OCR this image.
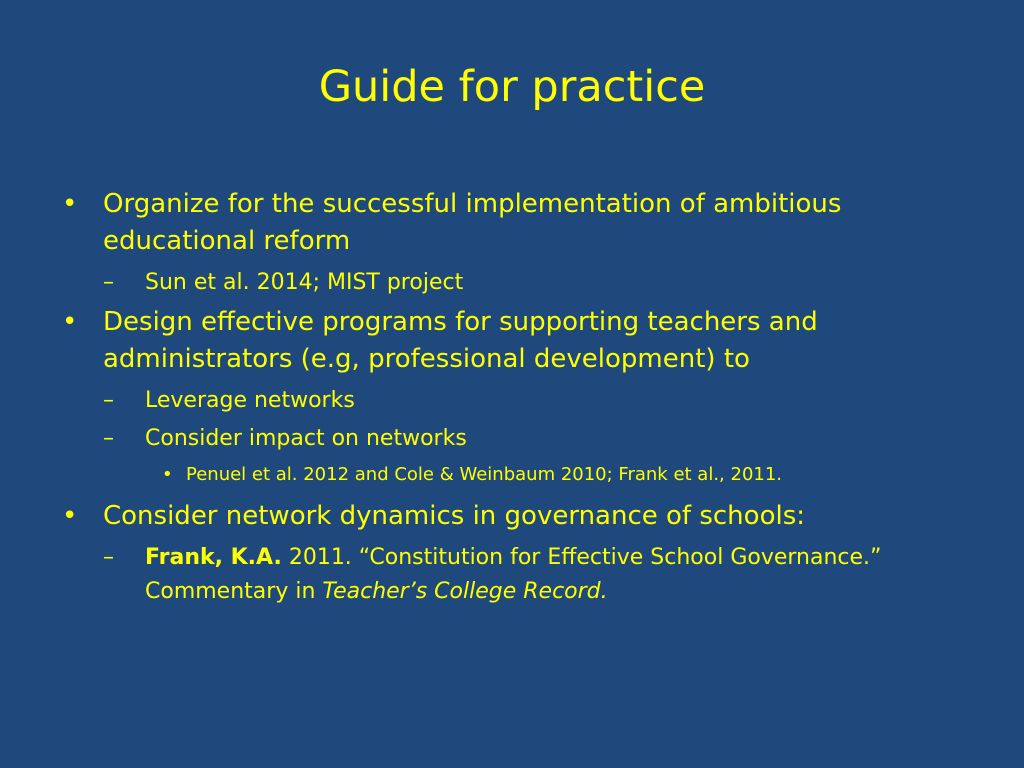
Guide for practice
• Organize for the successful implementation of ambitious educational reform
–	Sun et al. 2014; MIST project
• Design effective programs for supporting teachers and administrators (e.g, professional development) to
–	Leverage networks
–	Consider impact on networks
• Penuel et al. 2012 and Cole & Weinbaum 2010; Frank et al., 2011.
• Consider network dynamics in governance of schools:
–	Frank, K.A. 2011. “Constitution for Effective School Governance.” Commentary in Teacher’s College Record.
